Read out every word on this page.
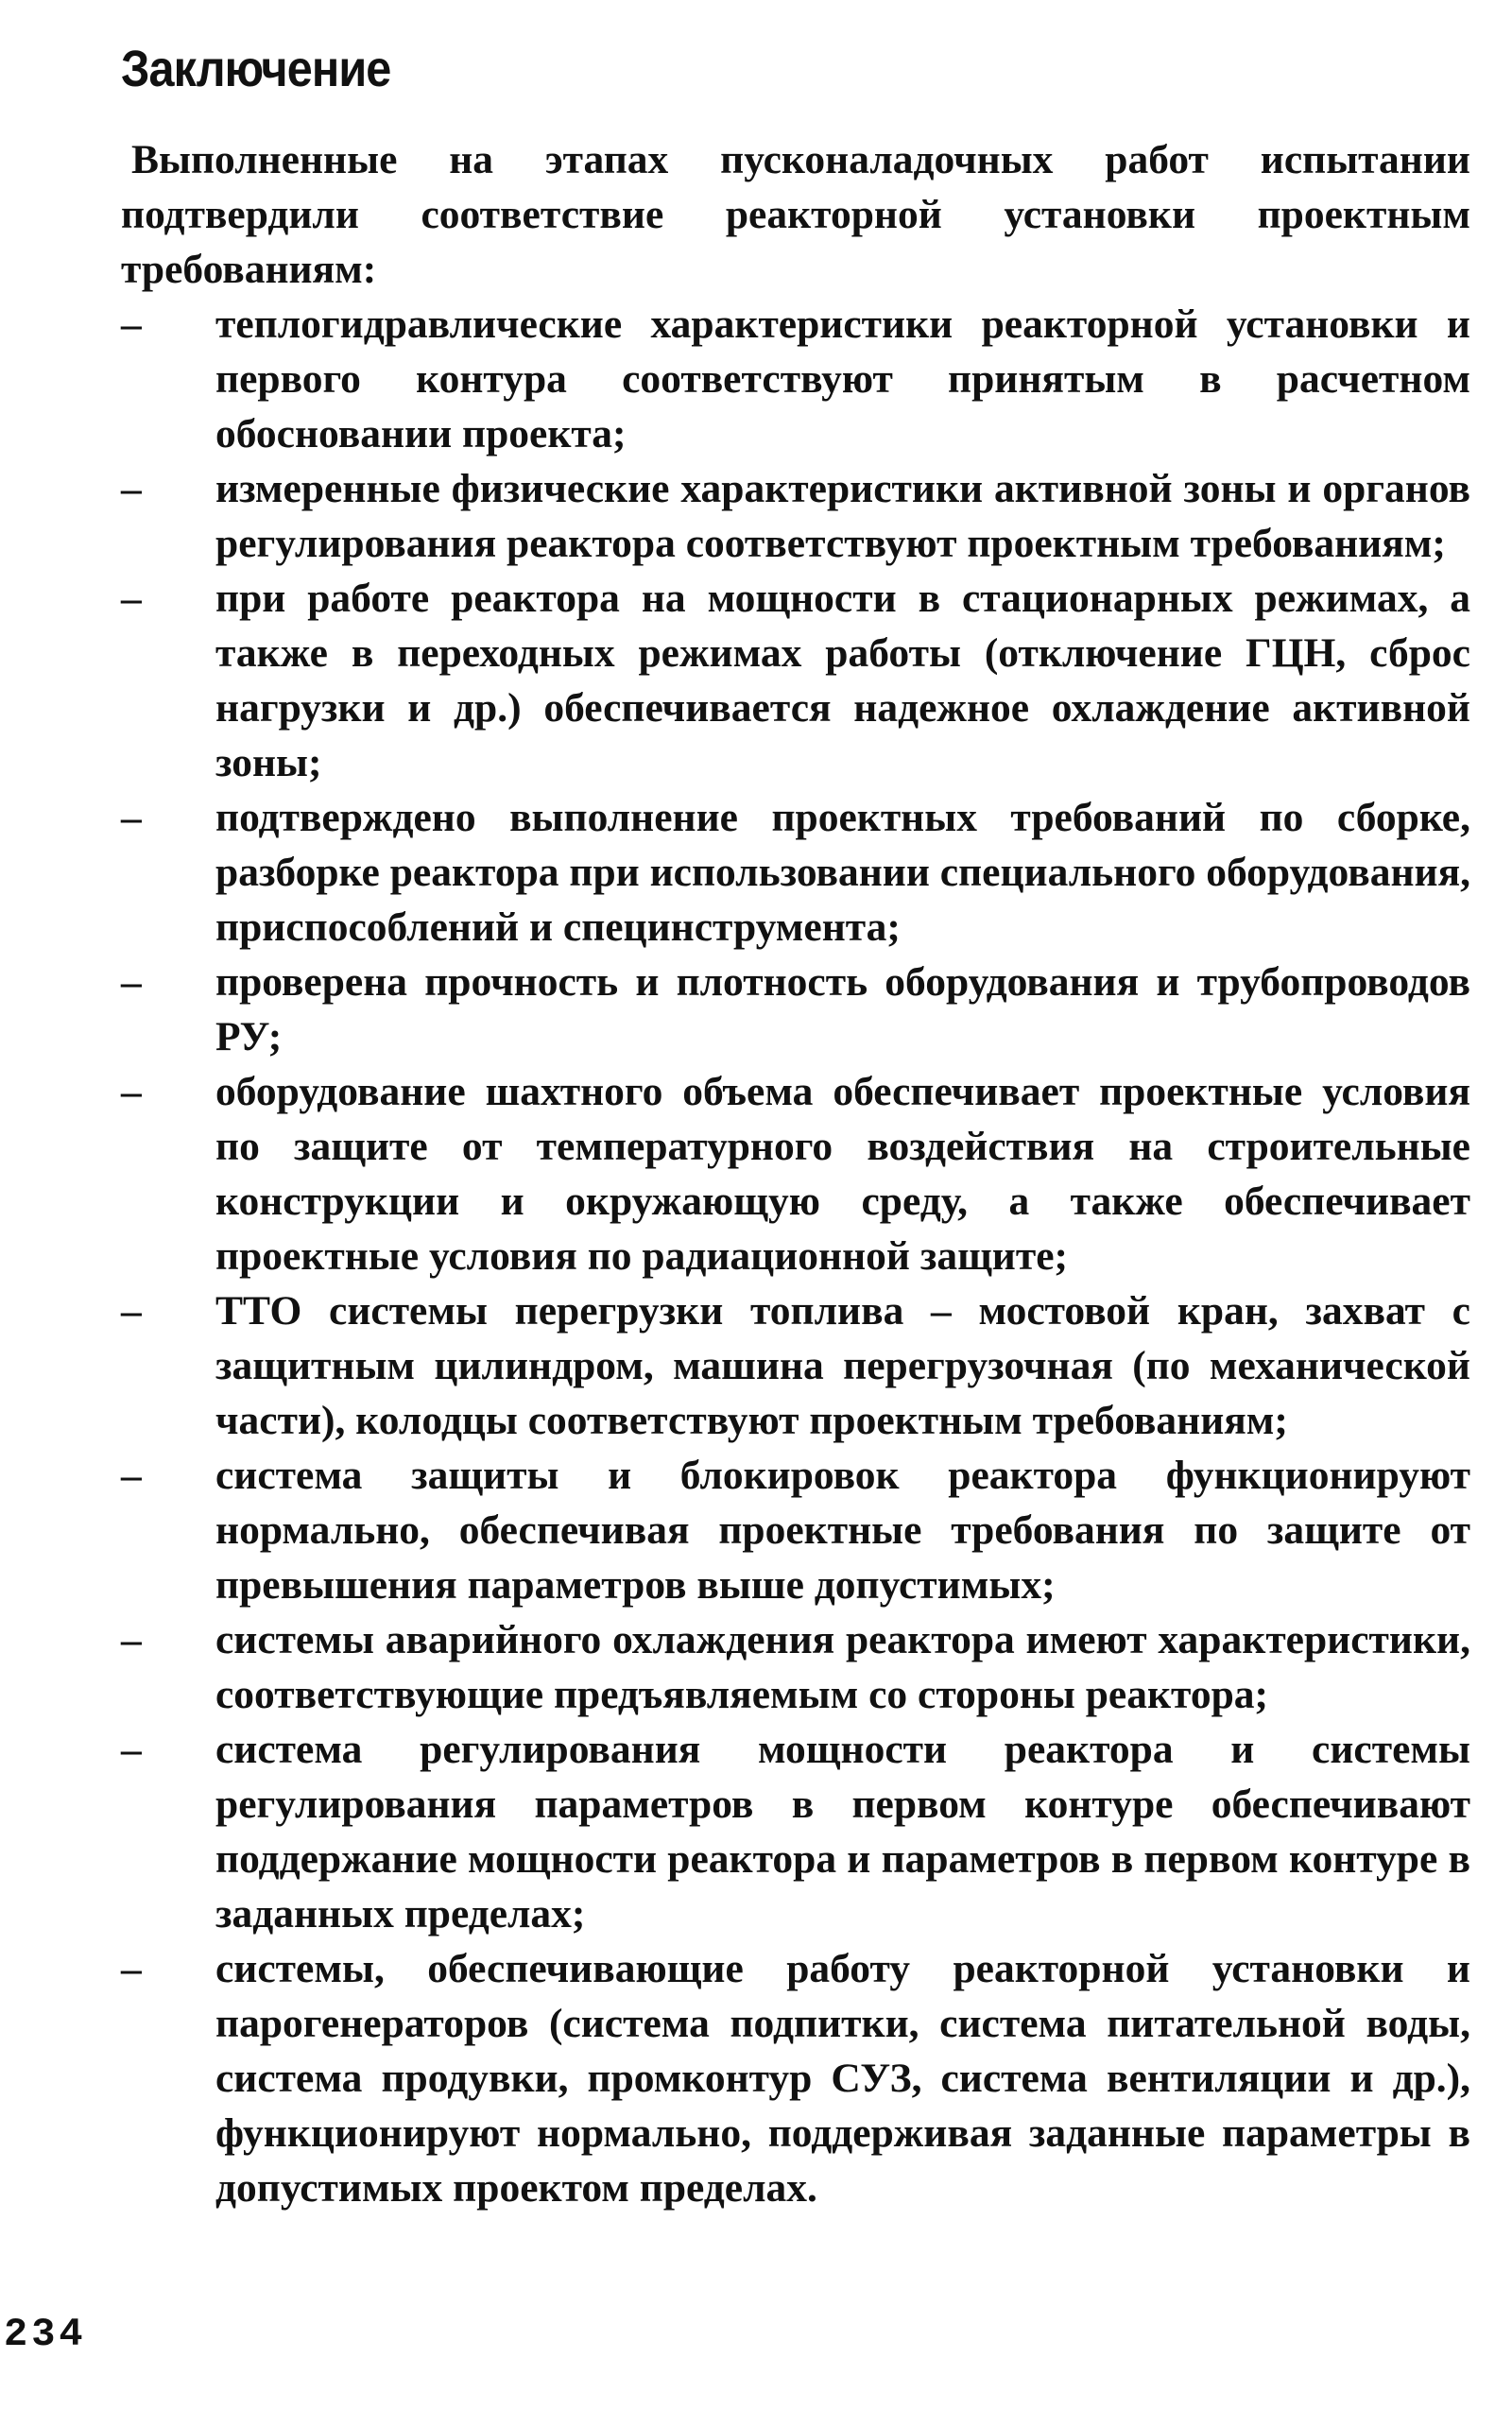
Заключение

Выполненные на этапах пусконаладочных работ испытании подтвердили соответствие реакторной установки проектным требованиям:

–	теплогидравлические характеристики реакторной установки и первого контура соответствуют принятым в расчетном обосновании проекта;
–	измеренные физические характеристики активной зоны и органов регулирования реактора соответствуют проектным требованиям;
–	при работе реактора на мощности в стационарных режимах, а также в переходных режимах работы (отключение ГЦН, сброс нагрузки и др.) обеспечивается надежное охлаждение активной зоны;
–	подтверждено выполнение проектных требований по сборке, разборке реактора при использовании специального оборудования, приспособлений и специнструмента;
–	проверена прочность и плотность оборудования и трубопроводов РУ;
–	оборудование шахтного объема обеспечивает проектные условия по защите от температурного воздействия на строительные конструкции и окружающую среду, а также обеспечивает проектные условия по радиационной защите;
–	ТТО системы перегрузки топлива – мостовой кран, захват с защитным цилиндром, машина перегрузочная (по механической части), колодцы соответствуют проектным требованиям;
–	система защиты и блокировок реактора функционируют нормально, обеспечивая проектные требования по защите от превышения параметров выше допустимых;
–	системы аварийного охлаждения реактора имеют характеристики, соответствующие предъявляемым со стороны реактора;
–	система регулирования мощности реактора и системы регулирования параметров в первом контуре обеспечивают поддержание мощности реактора и параметров в первом контуре в заданных пределах;
–	системы, обеспечивающие работу реакторной установки и парогенераторов (система подпитки, система питательной воды, система продувки, промконтур СУЗ, система вентиляции и др.), функционируют нормально, поддерживая заданные параметры в допустимых проектом пределах.
234
